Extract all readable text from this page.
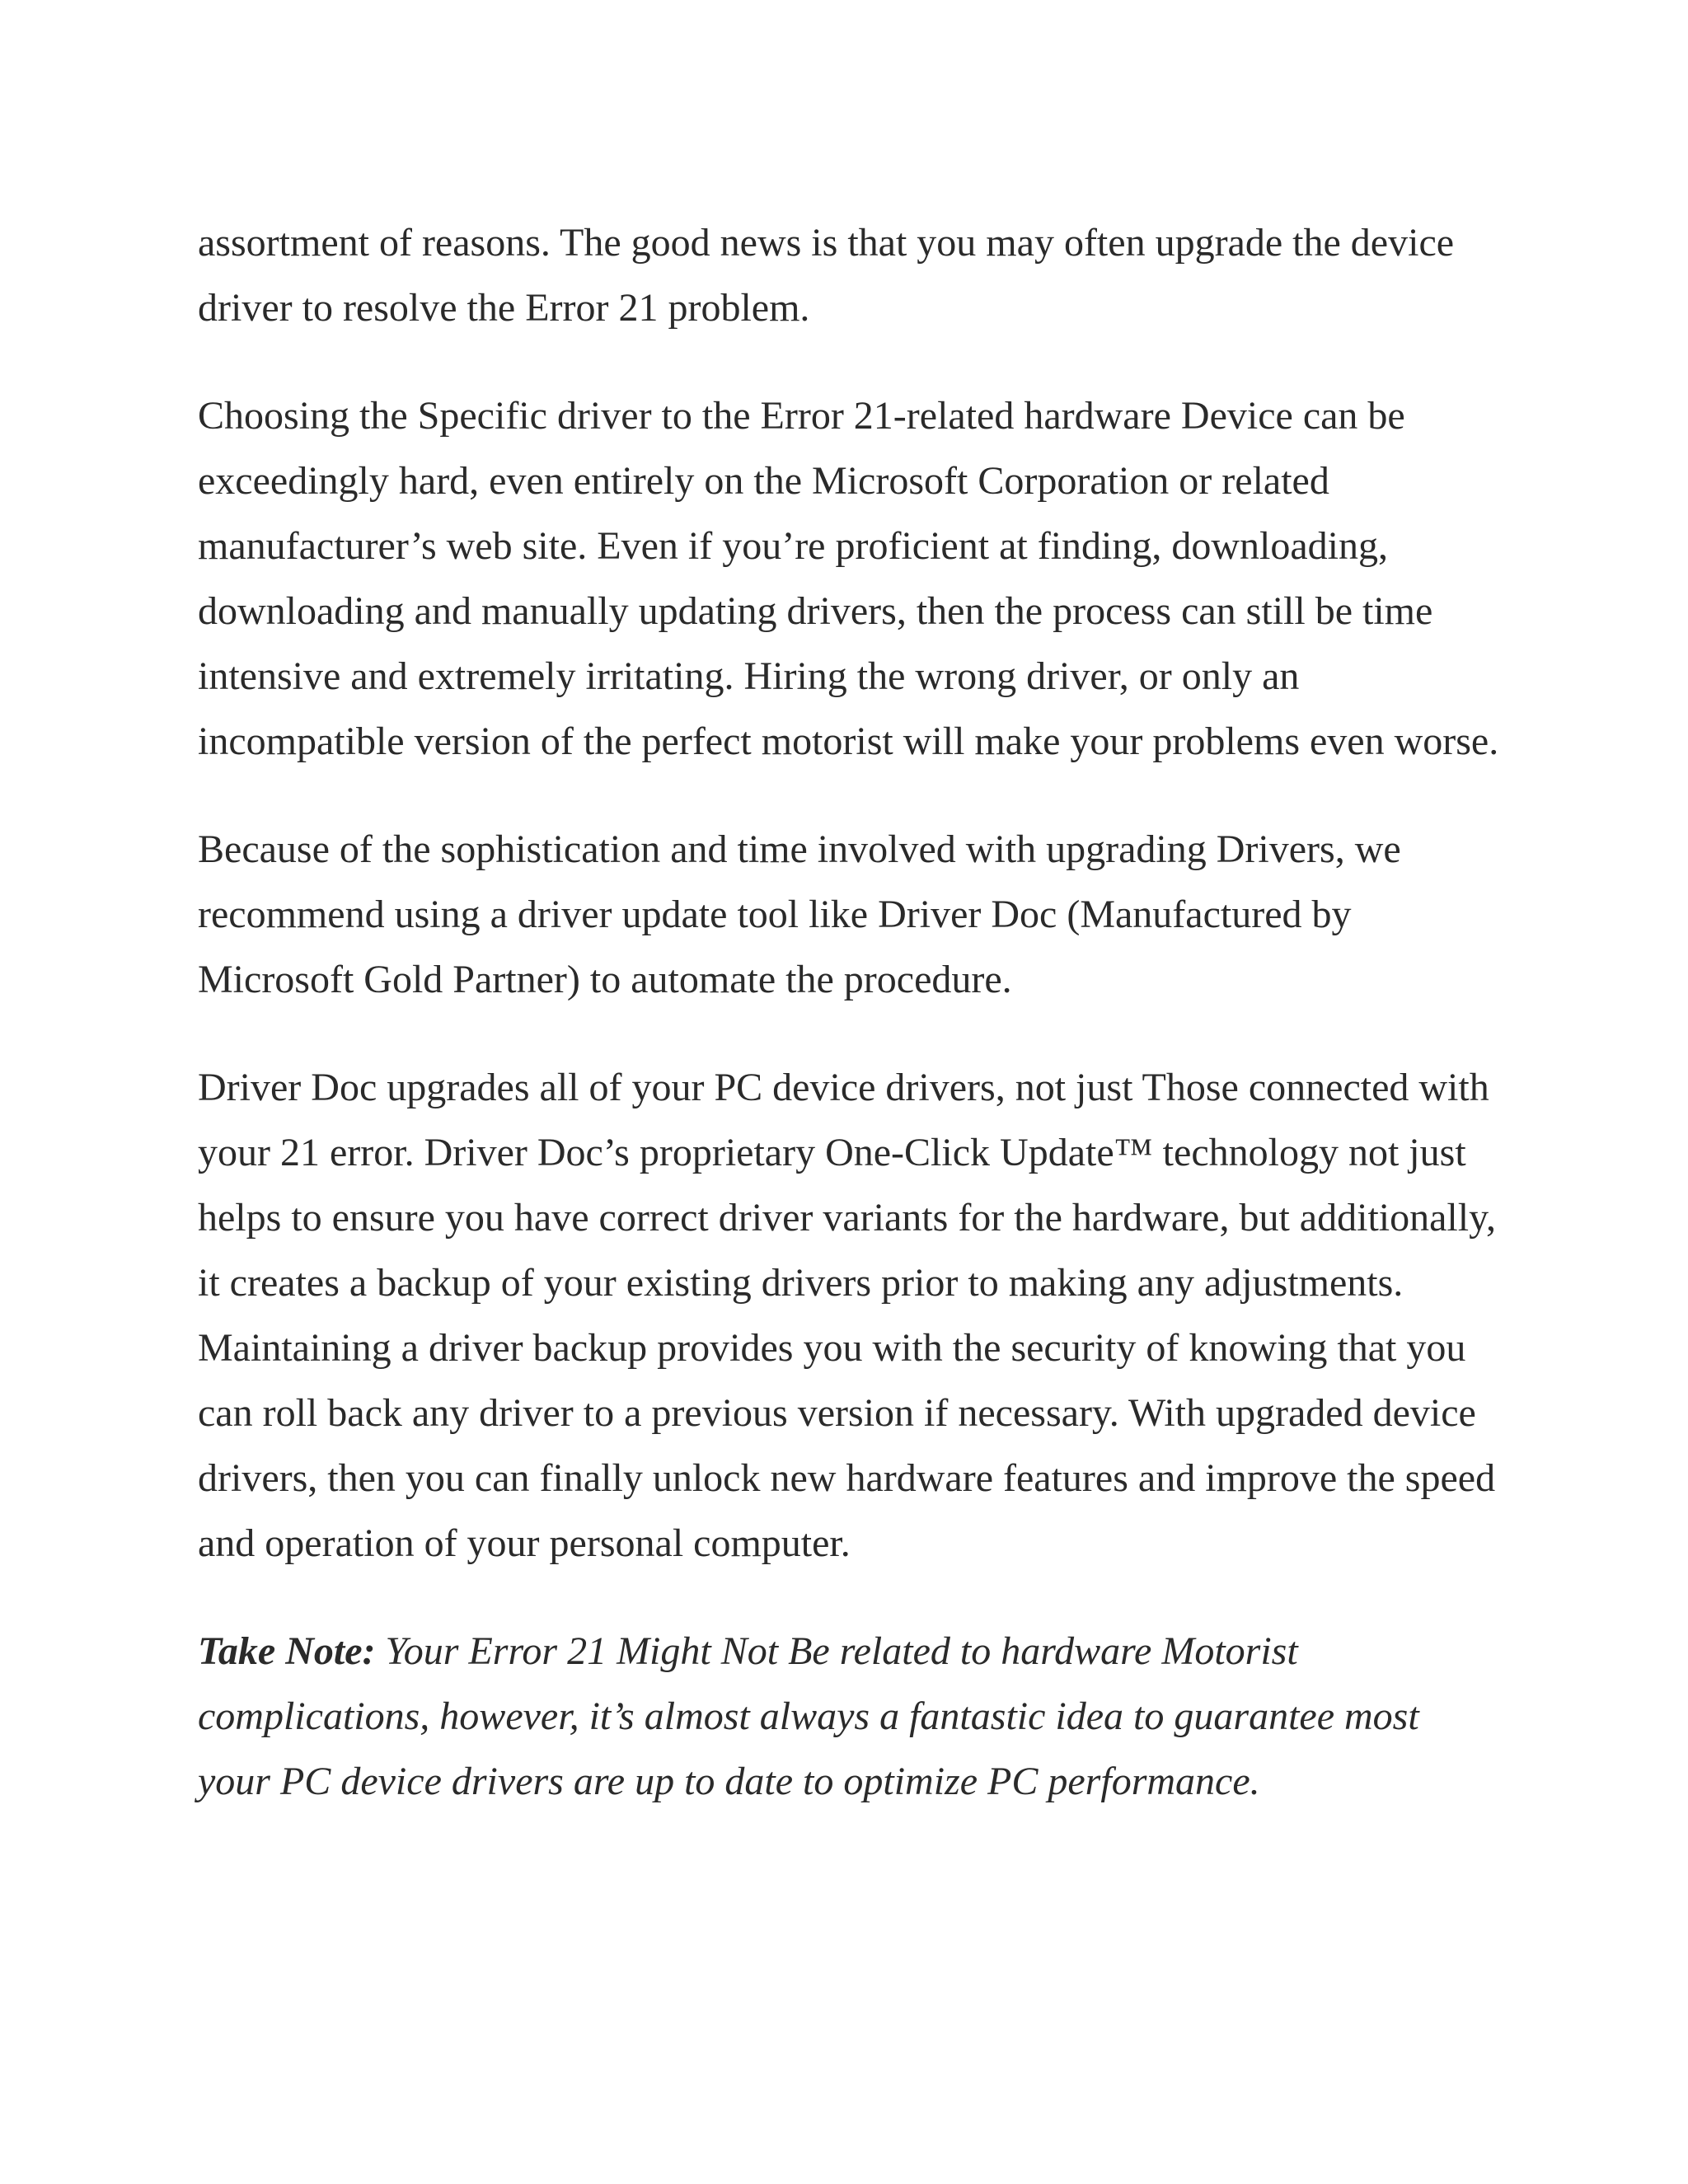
assortment of reasons. The good news is that you may often upgrade the device driver to resolve the Error 21 problem.

Choosing the Specific driver to the Error 21-related hardware Device can be exceedingly hard, even entirely on the Microsoft Corporation or related manufacturer’s web site. Even if you’re proficient at finding, downloading, downloading and manually updating drivers, then the process can still be time intensive and extremely irritating. Hiring the wrong driver, or only an incompatible version of the perfect motorist will make your problems even worse.

Because of the sophistication and time involved with upgrading Drivers, we recommend using a driver update tool like Driver Doc (Manufactured by Microsoft Gold Partner) to automate the procedure.

Driver Doc upgrades all of your PC device drivers, not just Those connected with your 21 error. Driver Doc’s proprietary One-Click Update™ technology not just helps to ensure you have correct driver variants for the hardware, but additionally, it creates a backup of your existing drivers prior to making any adjustments. Maintaining a driver backup provides you with the security of knowing that you can roll back any driver to a previous version if necessary. With upgraded device drivers, then you can finally unlock new hardware features and improve the speed and operation of your personal computer.

Take Note: Your Error 21 Might Not Be related to hardware Motorist complications, however, it’s almost always a fantastic idea to guarantee most your PC device drivers are up to date to optimize PC performance.
